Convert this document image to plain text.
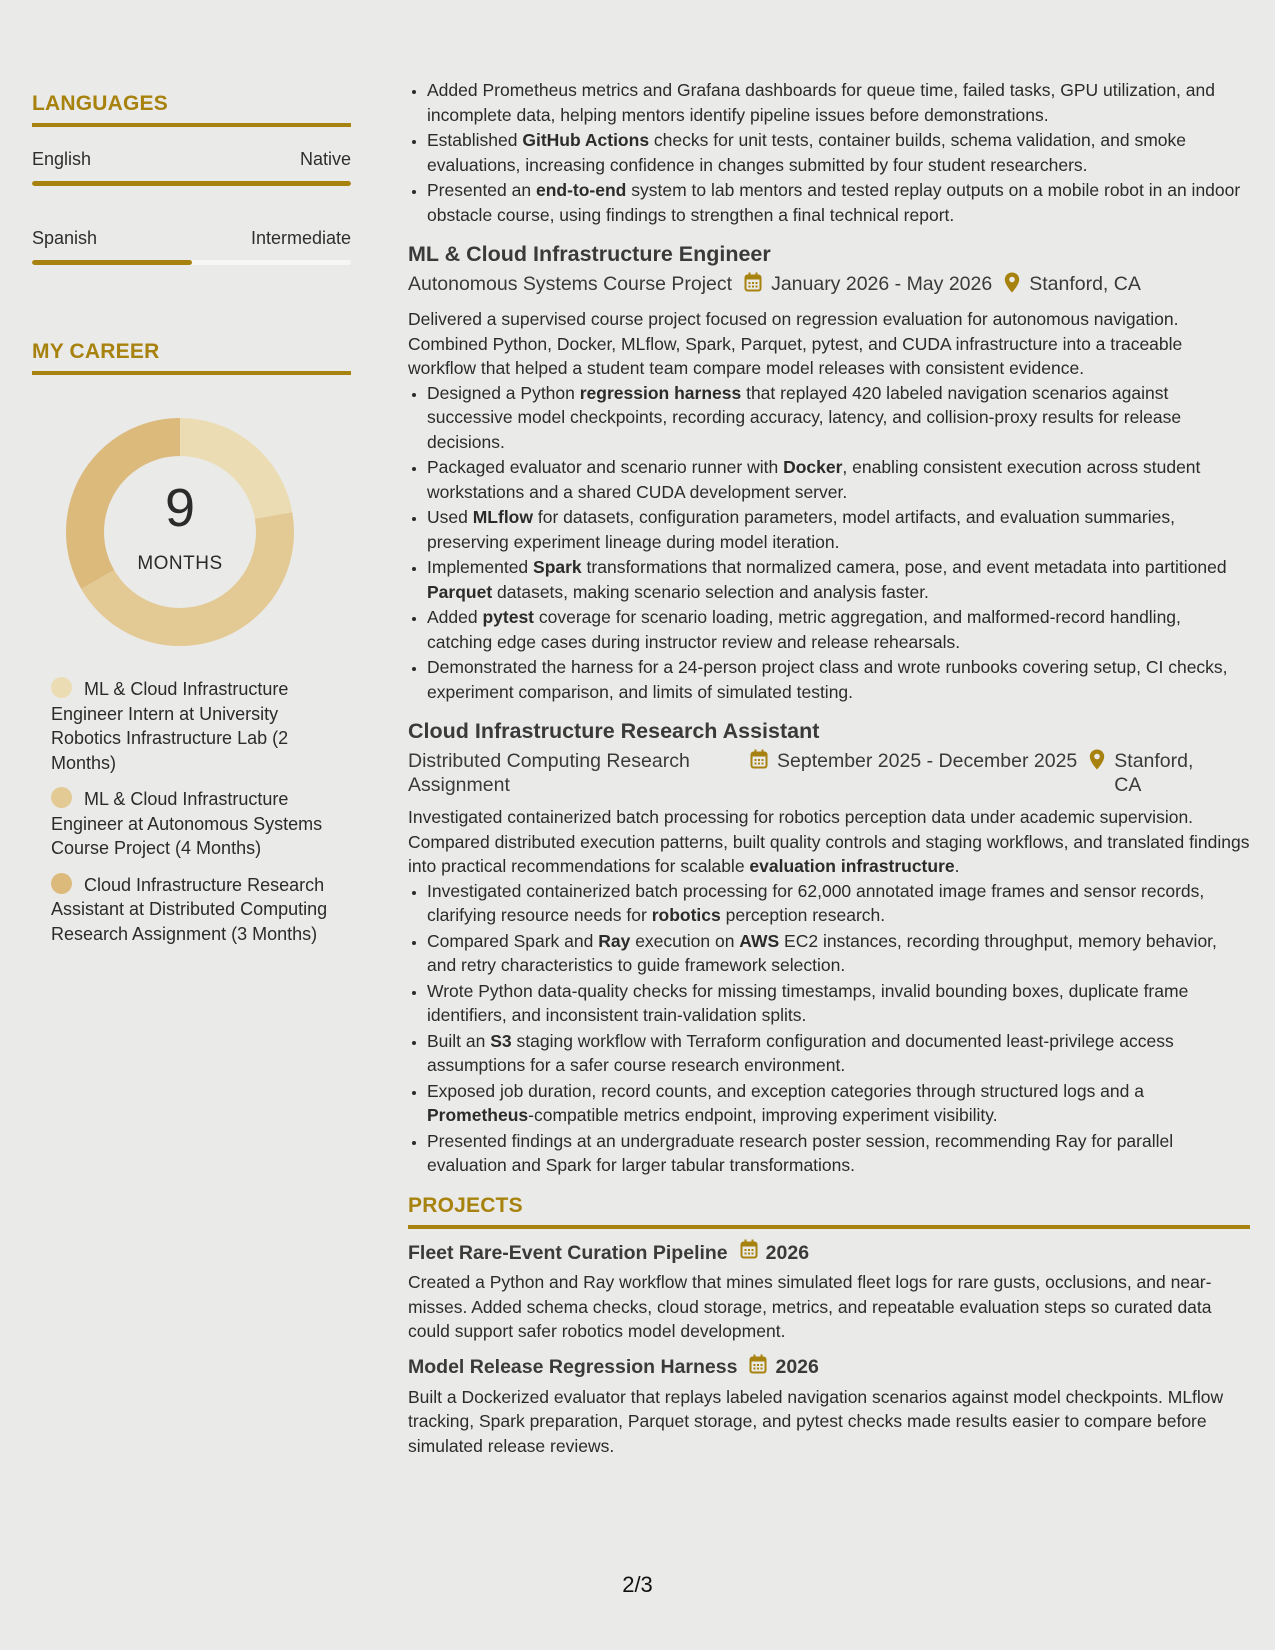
LANGUAGES
English	Native
Spanish	Intermediate
MY CAREER
9
MONTHS
ML & Cloud Infrastructure Engineer Intern at University Robotics Infrastructure Lab (2 Months)
ML & Cloud Infrastructure Engineer at Autonomous Systems Course Project (4 Months)
Cloud Infrastructure Research Assistant at Distributed Computing Research Assignment (3 Months)
• Added Prometheus metrics and Grafana dashboards for queue time, failed tasks, GPU utilization, and incomplete data, helping mentors identify pipeline issues before demonstrations.
• Established GitHub Actions checks for unit tests, container builds, schema validation, and smoke evaluations, increasing confidence in changes submitted by four student researchers.
• Presented an end-to-end system to lab mentors and tested replay outputs on a mobile robot in an indoor obstacle course, using findings to strengthen a final technical report.
ML & Cloud Infrastructure Engineer
Autonomous Systems Course Project January 2026 - May 2026 Stanford, CA
Delivered a supervised course project focused on regression evaluation for autonomous navigation. Combined Python, Docker, MLflow, Spark, Parquet, pytest, and CUDA infrastructure into a traceable workflow that helped a student team compare model releases with consistent evidence.
• Designed a Python regression harness that replayed 420 labeled navigation scenarios against successive model checkpoints, recording accuracy, latency, and collision-proxy results for release decisions.
• Packaged evaluator and scenario runner with Docker, enabling consistent execution across student workstations and a shared CUDA development server.
• Used MLflow for datasets, configuration parameters, model artifacts, and evaluation summaries, preserving experiment lineage during model iteration.
• Implemented Spark transformations that normalized camera, pose, and event metadata into partitioned Parquet datasets, making scenario selection and analysis faster.
• Added pytest coverage for scenario loading, metric aggregation, and malformed-record handling, catching edge cases during instructor review and release rehearsals.
• Demonstrated the harness for a 24-person project class and wrote runbooks covering setup, CI checks, experiment comparison, and limits of simulated testing.
Cloud Infrastructure Research Assistant
Distributed Computing Research Assignment
September 2025 - December 2025 Stanford, CA
Investigated containerized batch processing for robotics perception data under academic supervision. Compared distributed execution patterns, built quality controls and staging workflows, and translated findings into practical recommendations for scalable evaluation infrastructure.
• Investigated containerized batch processing for 62,000 annotated image frames and sensor records, clarifying resource needs for robotics perception research.
• Compared Spark and Ray execution on AWS EC2 instances, recording throughput, memory behavior, and retry characteristics to guide framework selection.
• Wrote Python data-quality checks for missing timestamps, invalid bounding boxes, duplicate frame identifiers, and inconsistent train-validation splits.
• Built an S3 staging workflow with Terraform configuration and documented least-privilege access assumptions for a safer course research environment.
• Exposed job duration, record counts, and exception categories through structured logs and a Prometheus-compatible metrics endpoint, improving experiment visibility.
• Presented findings at an undergraduate research poster session, recommending Ray for parallel evaluation and Spark for larger tabular transformations.
PROJECTS
Fleet Rare-Event Curation Pipeline 2026
Created a Python and Ray workflow that mines simulated fleet logs for rare gusts, occlusions, and near-misses. Added schema checks, cloud storage, metrics, and repeatable evaluation steps so curated data could support safer robotics model development.
Model Release Regression Harness 2026
Built a Dockerized evaluator that replays labeled navigation scenarios against model checkpoints. MLflow tracking, Spark preparation, Parquet storage, and pytest checks made results easier to compare before simulated release reviews.
2/3
